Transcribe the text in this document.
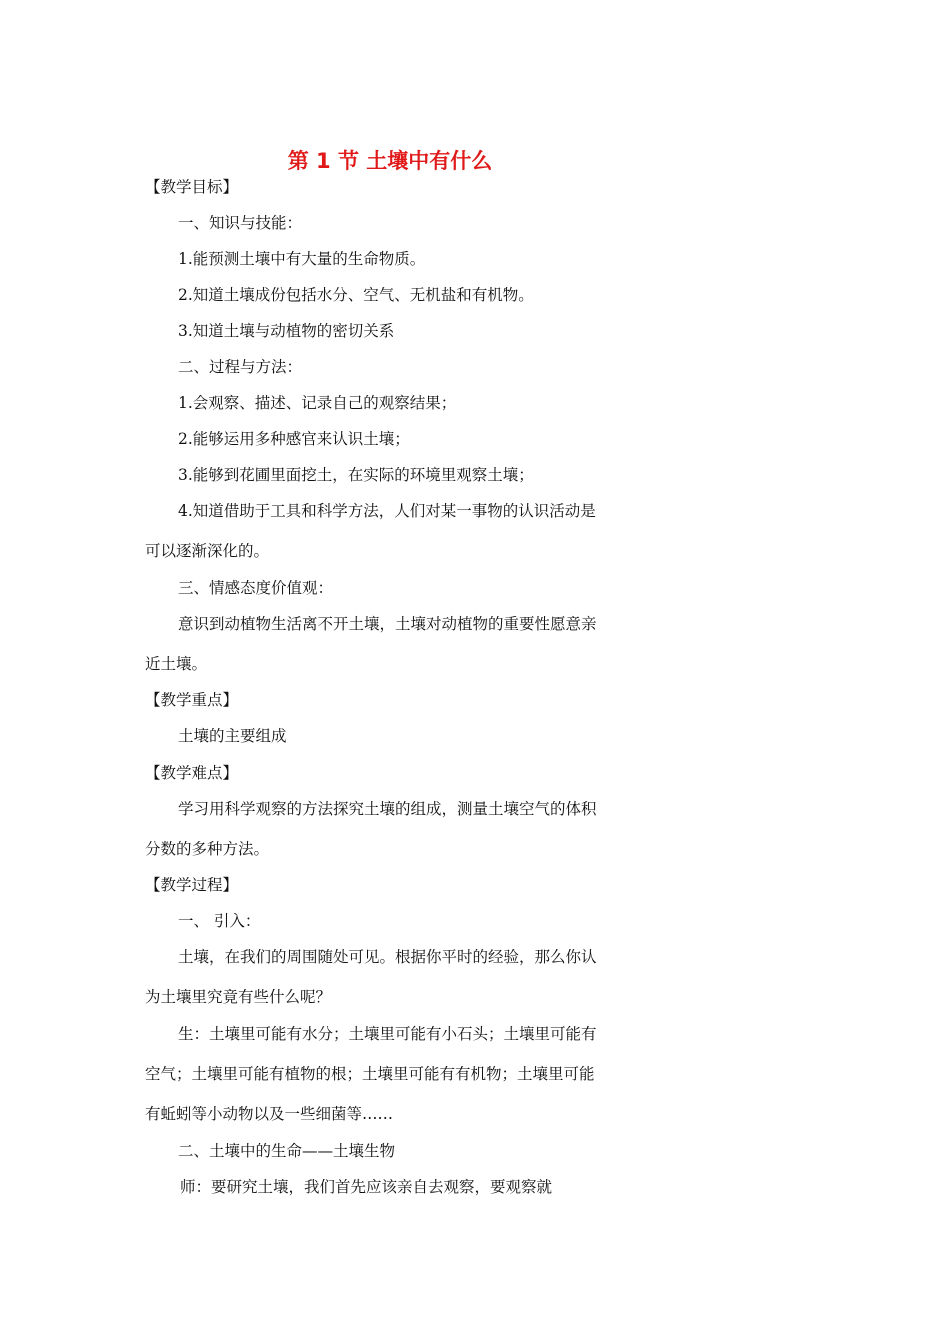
第 1 节 土壤中有什么

【教学目标】

一、知识与技能：

1.能预测土壤中有大量的生命物质。

2.知道土壤成份包括水分、空气、无机盐和有机物。

3.知道土壤与动植物的密切关系

二、过程与方法：

1.会观察、描述、记录自己的观察结果；

2.能够运用多种感官来认识土壤；

3.能够到花圃里面挖土，在实际的环境里观察土壤；

4.知道借助于工具和科学方法，人们对某一事物的认识活动是

可以逐渐深化的。

三、情感态度价值观：

意识到动植物生活离不开土壤，土壤对动植物的重要性愿意亲

近土壤。

【教学重点】

土壤的主要组成

【教学难点】

学习用科学观察的方法探究土壤的组成，测量土壤空气的体积

分数的多种方法。

【教学过程】

一、 引入：

土壤，在我们的周围随处可见。根据你平时的经验，那么你认

为土壤里究竟有些什么呢？

生：土壤里可能有水分；土壤里可能有小石头；土壤里可能有

空气；土壤里可能有植物的根；土壤里可能有有机物；土壤里可能

有蚯蚓等小动物以及一些细菌等……

二、土壤中的生命——土壤生物

师：要研究土壤，我们首先应该亲自去观察，要观察就
